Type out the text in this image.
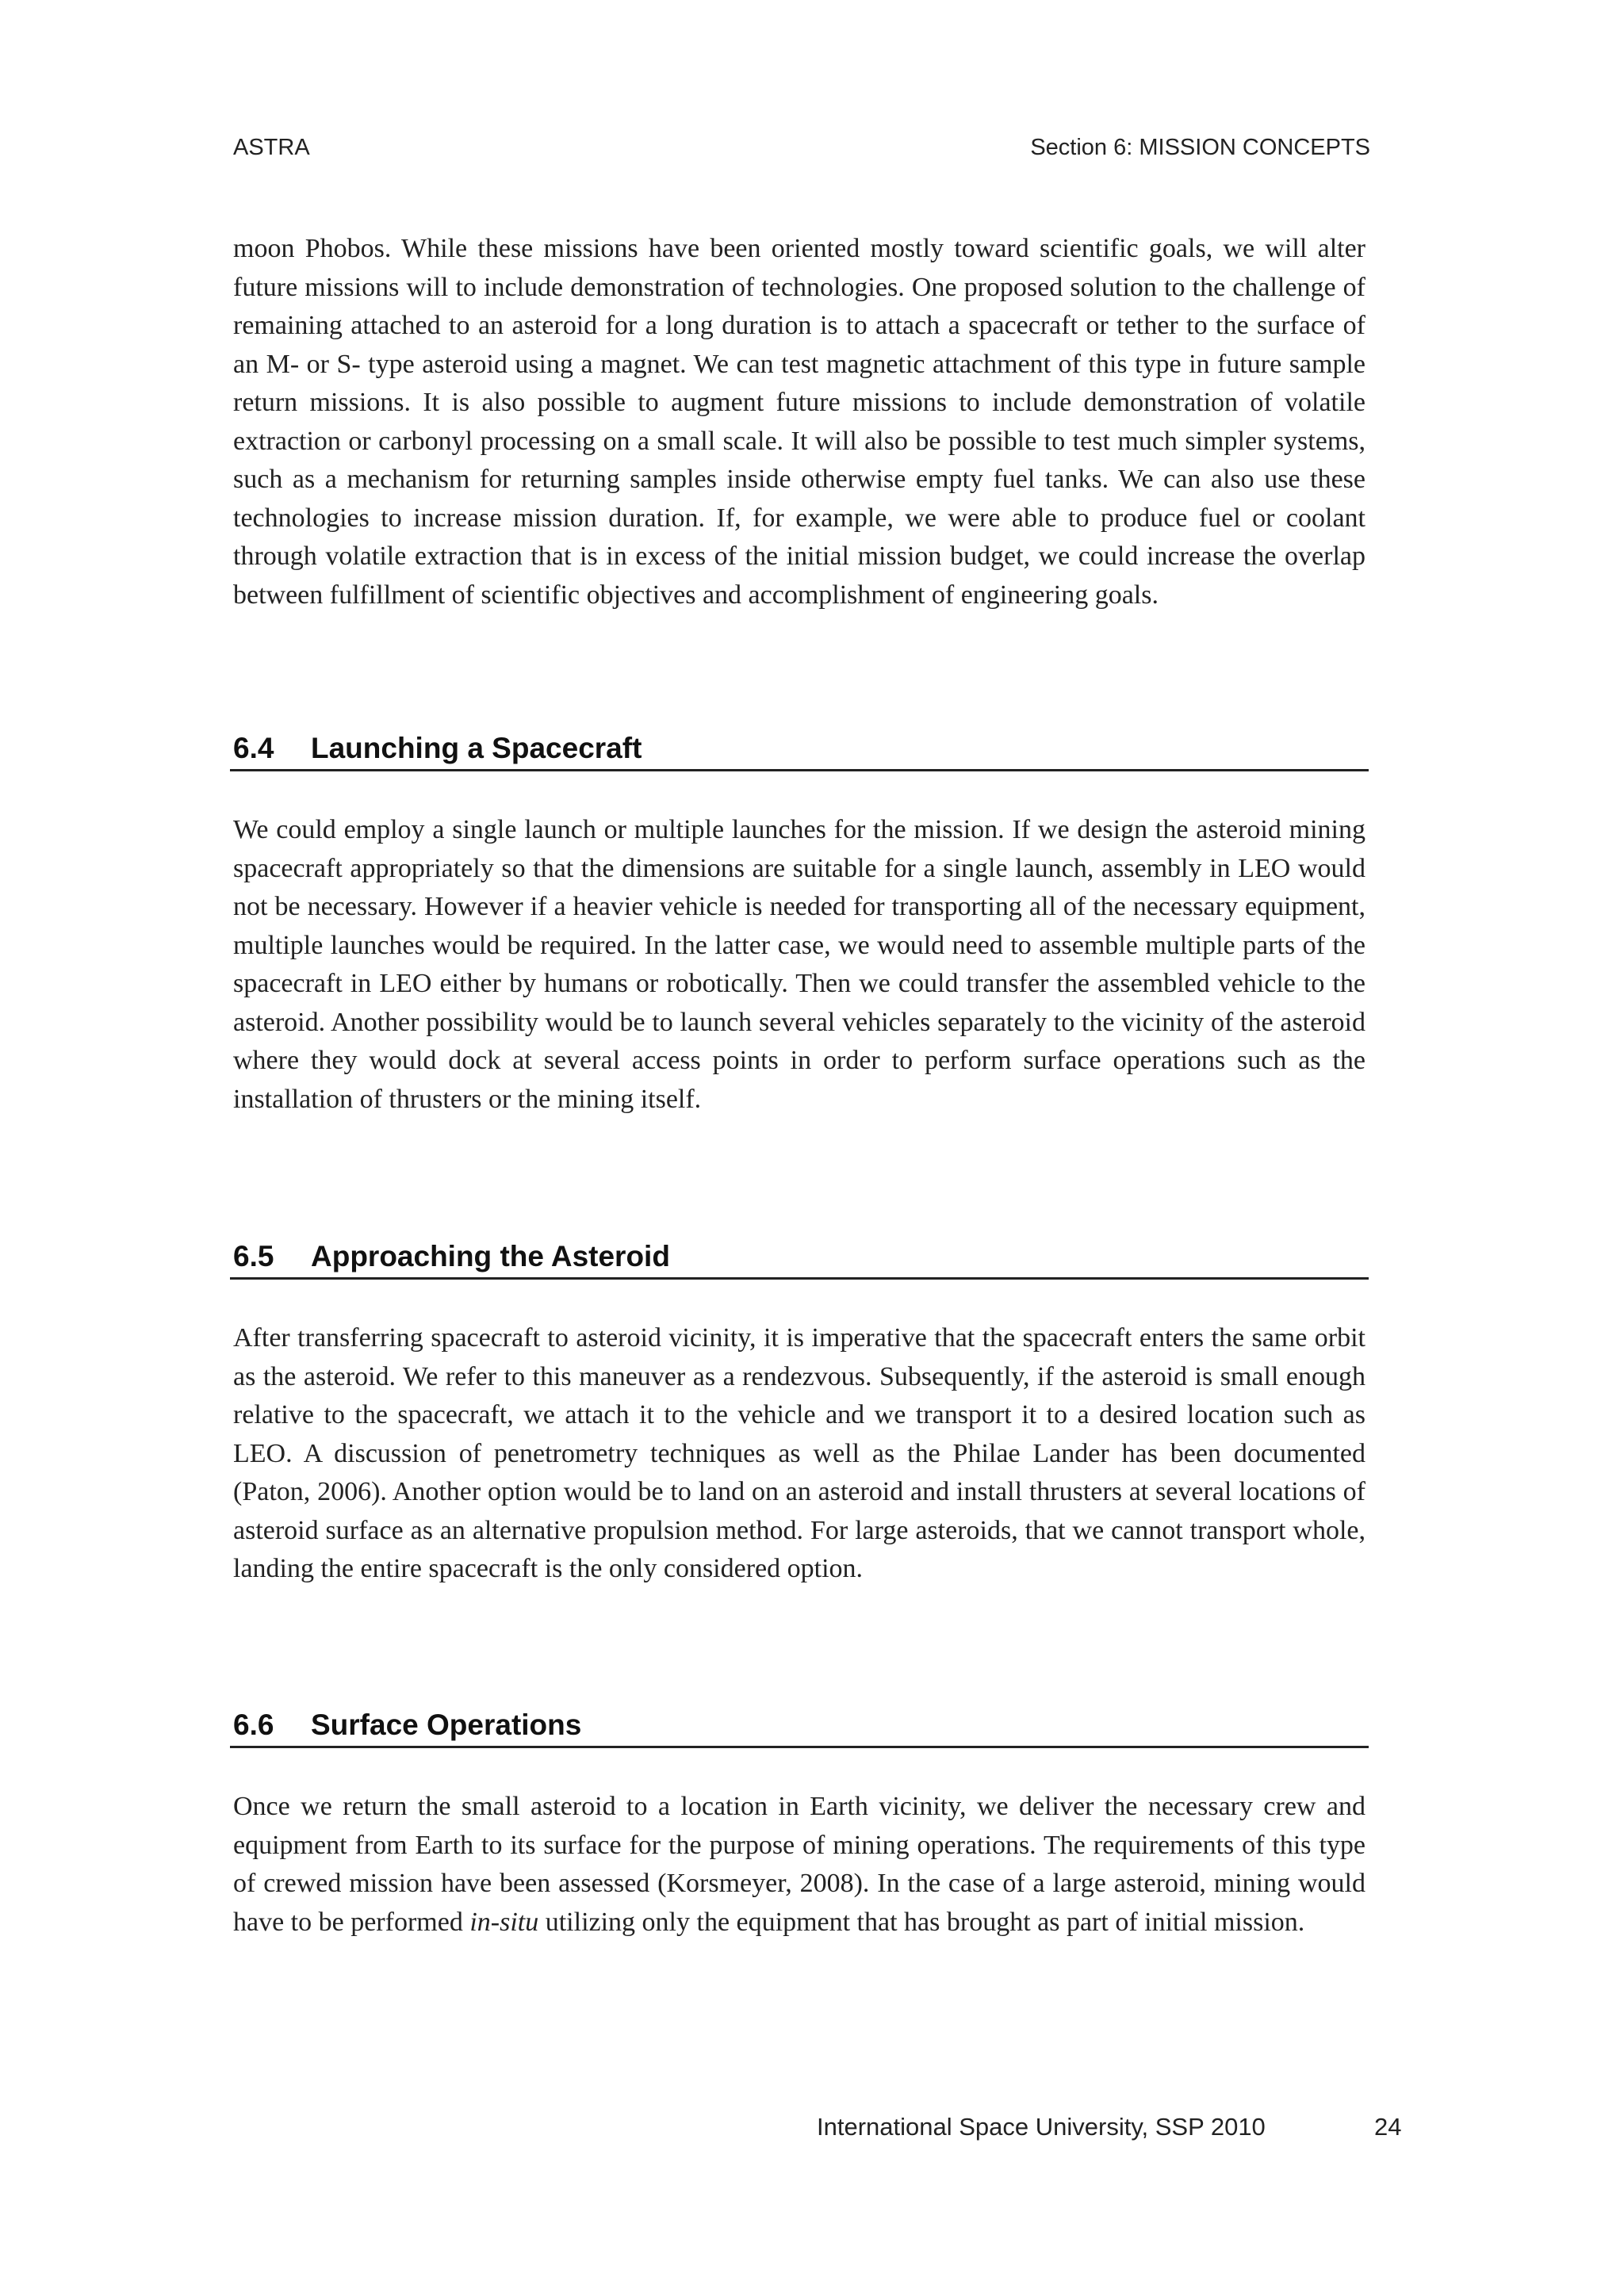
ASTRA	Section 6: MISSION CONCEPTS

moon Phobos. While these missions have been oriented mostly toward scientific goals, we will alter future missions will to include demonstration of technologies. One proposed solution to the challenge of remaining attached to an asteroid for a long duration is to attach a spacecraft or tether to the surface of an M- or S- type asteroid using a magnet. We can test magnetic attachment of this type in future sample return missions. It is also possible to augment future missions to include demonstration of volatile extraction or carbonyl processing on a small scale. It will also be possible to test much simpler systems, such as a mechanism for returning samples inside otherwise empty fuel tanks. We can also use these technologies to increase mission duration. If, for example, we were able to produce fuel or coolant through volatile extraction that is in excess of the initial mission budget, we could increase the overlap between fulfillment of scientific objectives and accomplishment of engineering goals.

6.4 Launching a Spacecraft

We could employ a single launch or multiple launches for the mission. If we design the asteroid mining spacecraft appropriately so that the dimensions are suitable for a single launch, assembly in LEO would not be necessary. However if a heavier vehicle is needed for transporting all of the necessary equipment, multiple launches would be required. In the latter case, we would need to assemble multiple parts of the spacecraft in LEO either by humans or robotically. Then we could transfer the assembled vehicle to the asteroid. Another possibility would be to launch several vehicles separately to the vicinity of the asteroid where they would dock at several access points in order to perform surface operations such as the installation of thrusters or the mining itself.

6.5 Approaching the Asteroid

After transferring spacecraft to asteroid vicinity, it is imperative that the spacecraft enters the same orbit as the asteroid. We refer to this maneuver as a rendezvous. Subsequently, if the asteroid is small enough relative to the spacecraft, we attach it to the vehicle and we transport it to a desired location such as LEO. A discussion of penetrometry techniques as well as the Philae Lander has been documented (Paton, 2006). Another option would be to land on an asteroid and install thrusters at several locations of asteroid surface as an alternative propulsion method. For large asteroids, that we cannot transport whole, landing the entire spacecraft is the only considered option.

6.6 Surface Operations

Once we return the small asteroid to a location in Earth vicinity, we deliver the necessary crew and equipment from Earth to its surface for the purpose of mining operations. The requirements of this type of crewed mission have been assessed (Korsmeyer, 2008). In the case of a large asteroid, mining would have to be performed in-situ utilizing only the equipment that has brought as part of initial mission.

International Space University, SSP 2010	24
